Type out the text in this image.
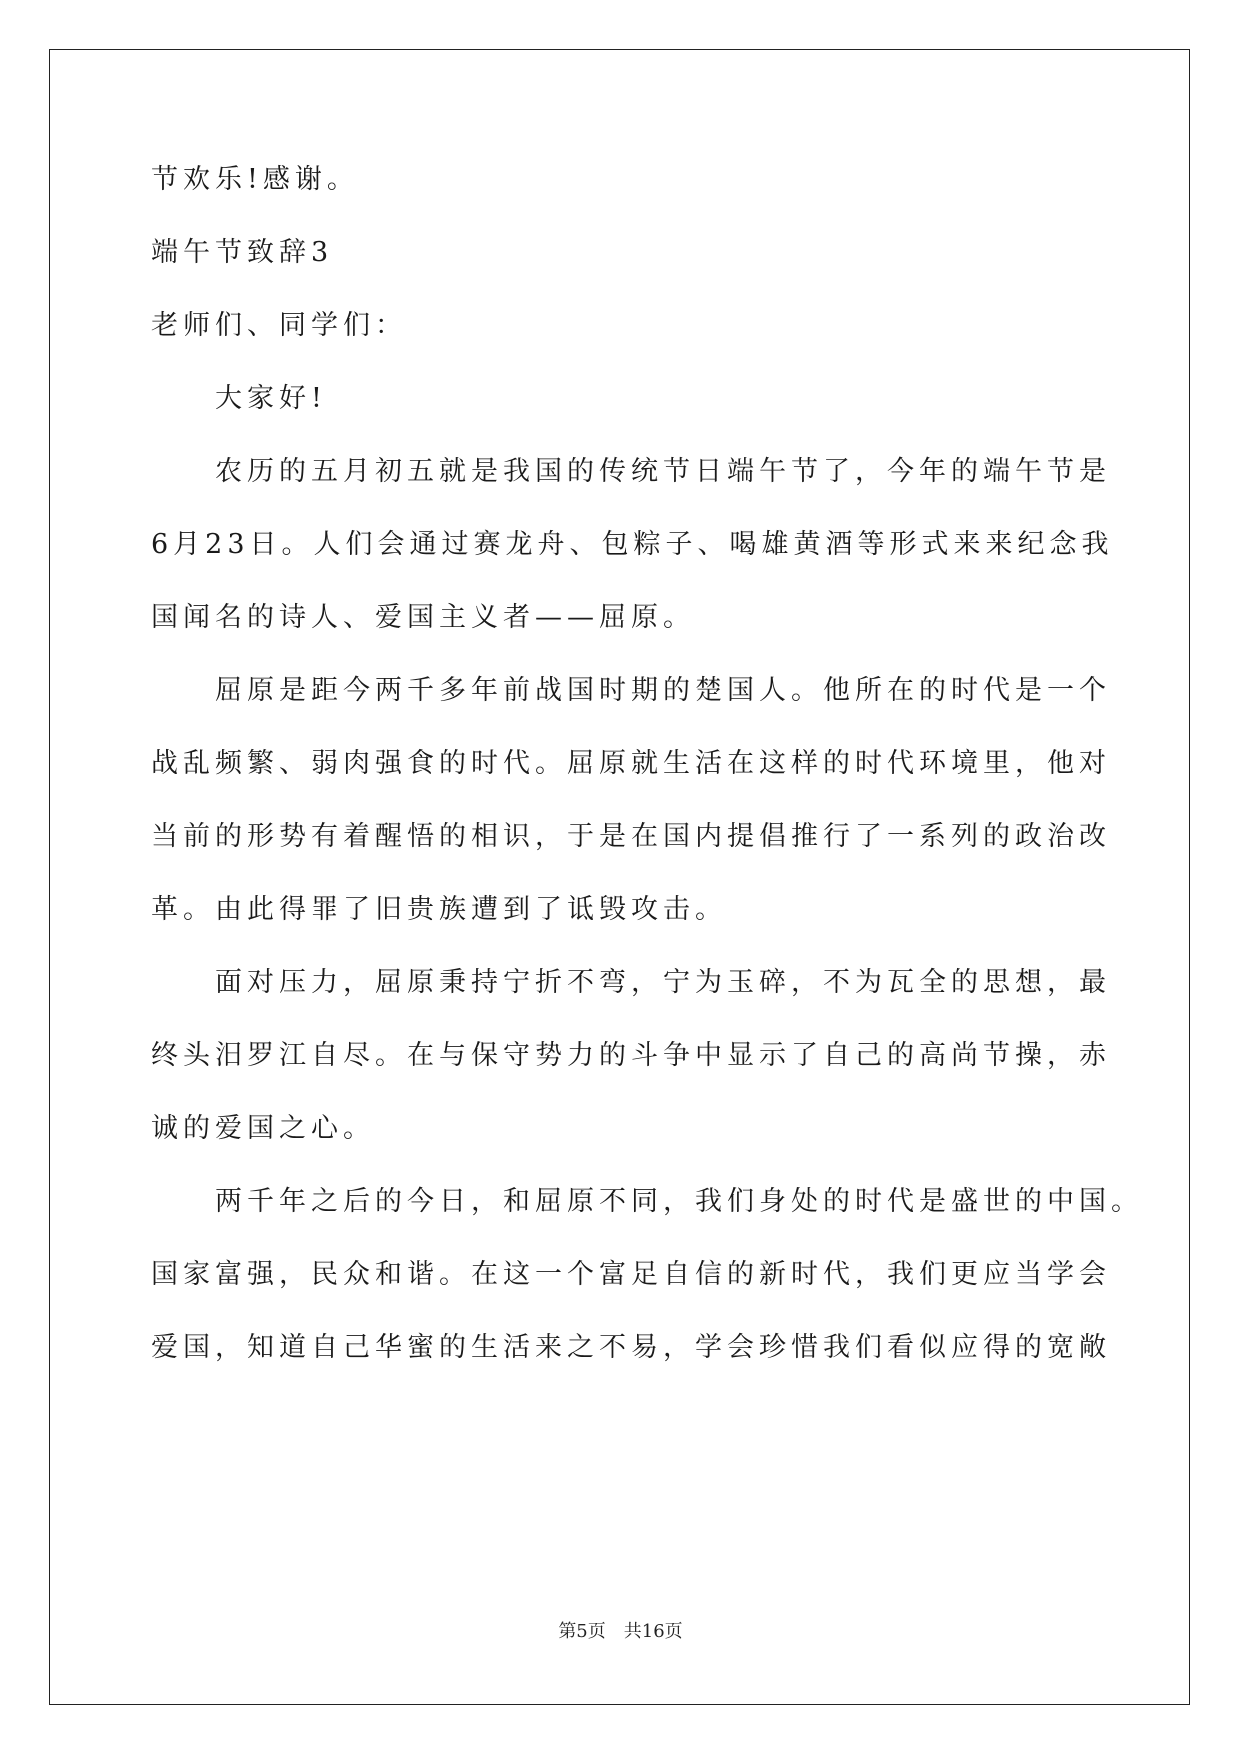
节欢乐!感谢。
端午节致辞3
老师们、同学们：
大家好!
农历的五月初五就是我国的传统节日端午节了，今年的端午节是
6月23日。人们会通过赛龙舟、包粽子、喝雄黄酒等形式来来纪念我
国闻名的诗人、爱国主义者——屈原。
屈原是距今两千多年前战国时期的楚国人。他所在的时代是一个
战乱频繁、弱肉强食的时代。屈原就生活在这样的时代环境里，他对
当前的形势有着醒悟的相识，于是在国内提倡推行了一系列的政治改
革。由此得罪了旧贵族遭到了诋毁攻击。
面对压力，屈原秉持宁折不弯，宁为玉碎，不为瓦全的思想，最
终头汨罗江自尽。在与保守势力的斗争中显示了自己的高尚节操，赤
诚的爱国之心。
两千年之后的今日，和屈原不同，我们身处的时代是盛世的中国。
国家富强，民众和谐。在这一个富足自信的新时代，我们更应当学会
爱国，知道自己华蜜的生活来之不易，学会珍惜我们看似应得的宽敞
第5页 共16页
